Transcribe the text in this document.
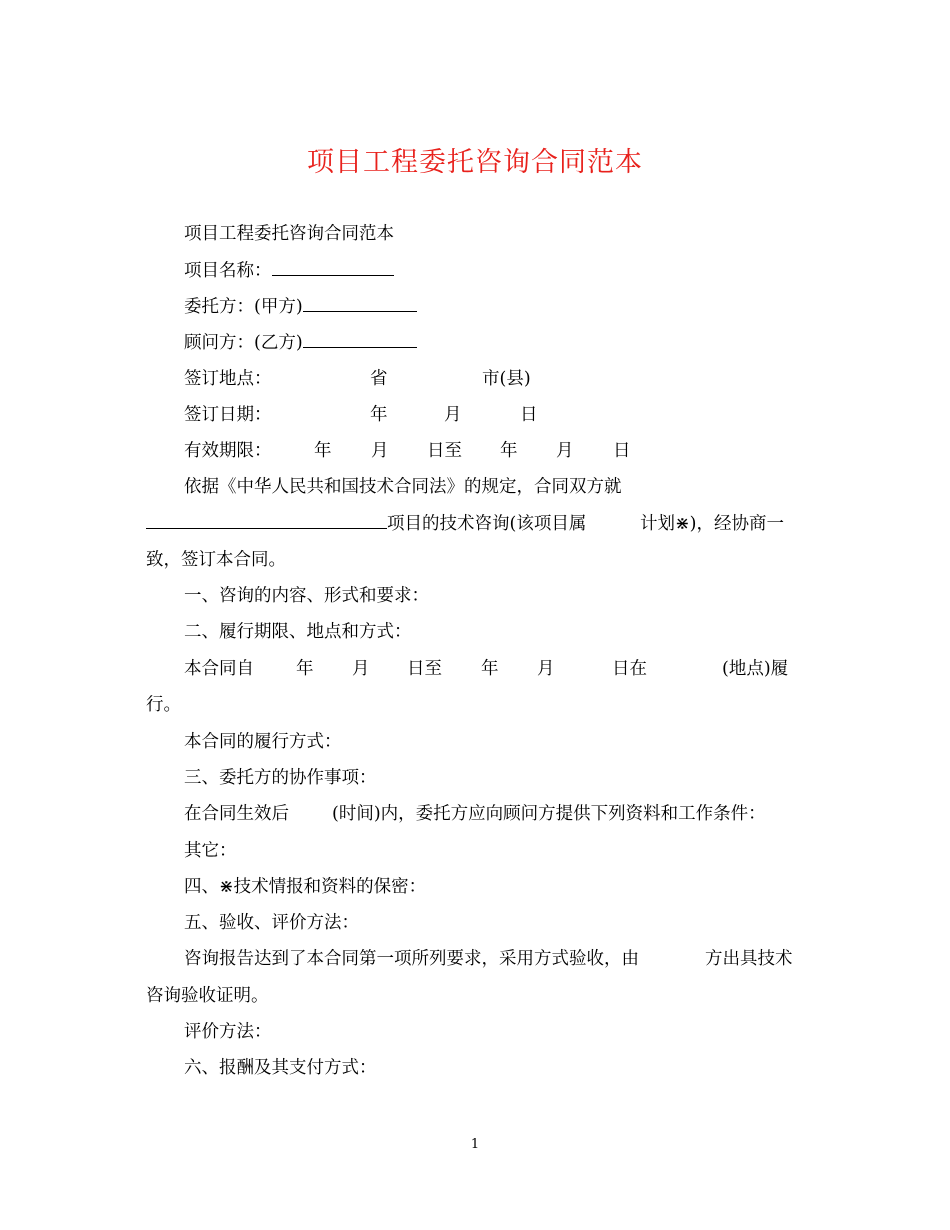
项目工程委托咨询合同范本
项目工程委托咨询合同范本
项目名称：
委托方：(甲方)
顾问方：(乙方)
签订地点：	省	市(县)
签订日期：	年	月	日
有效期限： 年 月 日至 年 月 日
依据《中华人民共和国技术合同法》的规定，合同双方就
项目的技术咨询(该项目属	计划⋇)，经协商一
致，签订本合同。
一、咨询的内容、形式和要求：
二、履行期限、地点和方式：
本合同自 年 月 日至 年 月	日在	(地点)履
行。
本合同的履行方式：
三、委托方的协作事项：
在合同生效后 (时间)内，委托方应向顾问方提供下列资料和工作条件：
其它：
四、⋇技术情报和资料的保密：
五、验收、评价方法：
咨询报告达到了本合同第一项所列要求，采用方式验收，由	方出具技术
咨询验收证明。
评价方法：
六、报酬及其支付方式：
1
